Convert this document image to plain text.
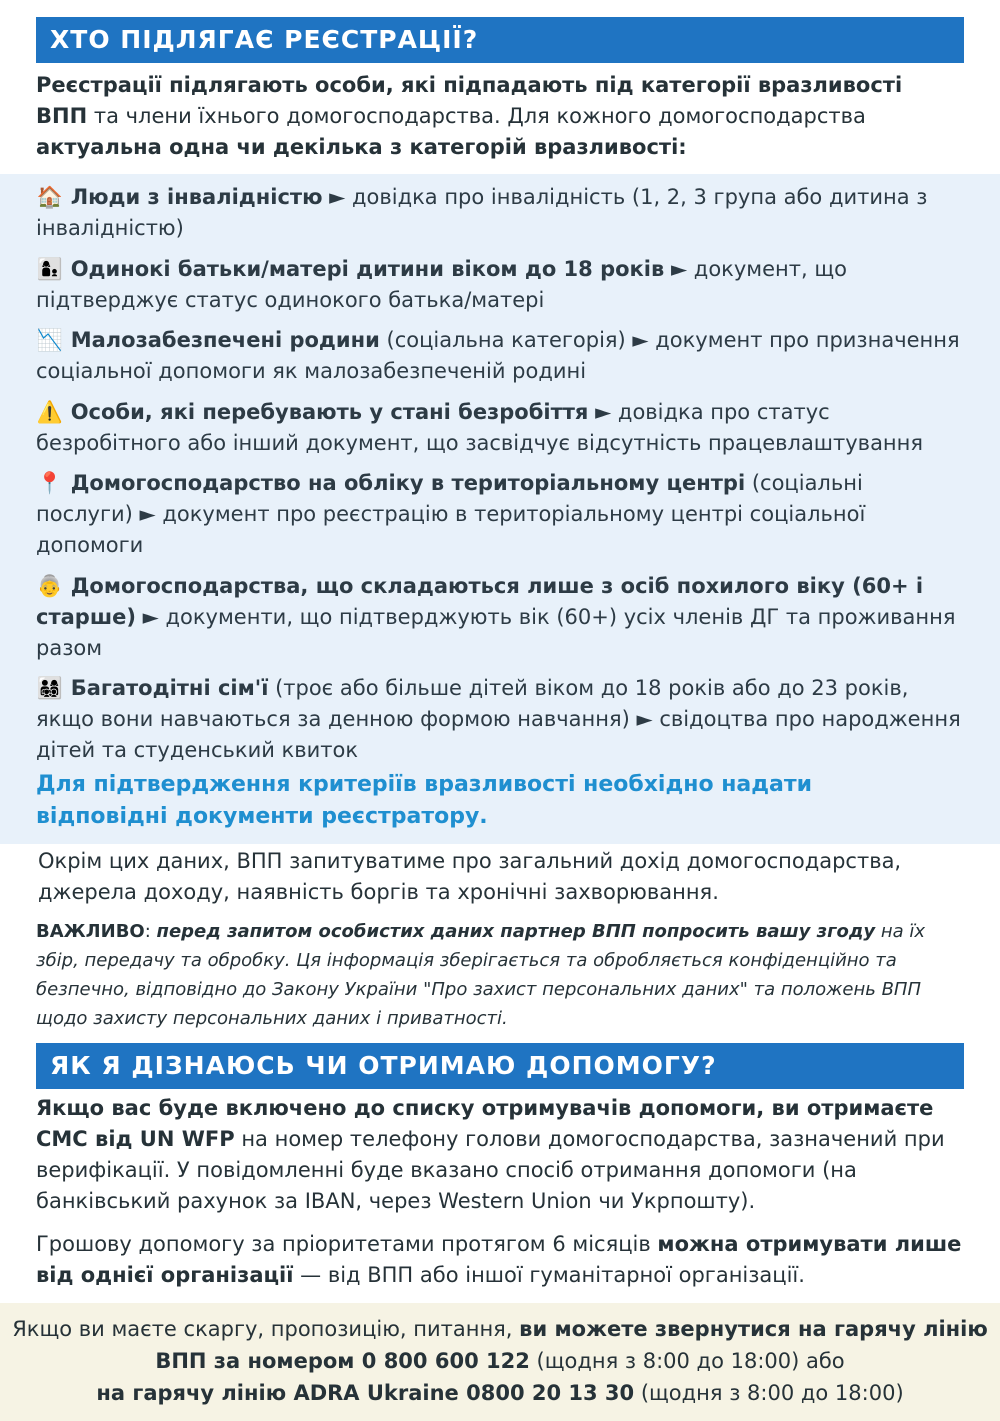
ХТО ПІДЛЯГАЄ РЕЄСТРАЦІЇ?
Реєстрації підлягають особи, які підпадають під категорії вразливості ВПП та члени їхнього домогосподарства. Для кожного домогосподарства актуальна одна чи декілька з категорій вразливості:
🏠 Люди з інвалідністю ► довідка про інвалідність (1, 2, 3 група або дитина з інвалідністю)
👩‍👦 Одинокі батьки/матері дитини віком до 18 років ► документ, що підтверджує статус одинокого батька/матері
📉 Малозабезпечені родини (соціальна категорія) ► документ про призначення соціальної допомоги як малозабезпеченій родині
⚠️ Особи, які перебувають у стані безробіття ► довідка про статус безробітного або інший документ, що засвідчує відсутність працевлаштування
📍 Домогосподарство на обліку в територіальному центрі (соціальні послуги) ► документ про реєстрацію в територіальному центрі соціальної допомоги
👵 Домогосподарства, що складаються лише з осіб похилого віку (60+ і старше) ► документи, що підтверджують вік (60+) усіх членів ДГ та проживання разом
👨‍👩‍👧‍👦 Багатодітні сім'ї (троє або більше дітей віком до 18 років або до 23 років, якщо вони навчаються за денною формою навчання) ► свідоцтва про народження дітей та студенський квиток
Для підтвердження критеріїв вразливості необхідно надати відповідні документи реєстратору.
Окрім цих даних, ВПП запитуватиме про загальний дохід домогосподарства, джерела доходу, наявність боргів та хронічні захворювання.
ВАЖЛИВО: перед запитом особистих даних партнер ВПП попросить вашу згоду на їх збір, передачу та обробку. Ця інформація зберігається та обробляється конфіденційно та безпечно, відповідно до Закону України "Про захист персональних даних" та положень ВПП щодо захисту персональних даних і приватності.
ЯК Я ДІЗНАЮСЬ ЧИ ОТРИМАЮ ДОПОМОГУ?
Якщо вас буде включено до списку отримувачів допомоги, ви отримаєте СМС від UN WFP на номер телефону голови домогосподарства, зазначений при верифікації. У повідомленні буде вказано спосіб отримання допомоги (на банківський рахунок за IBAN, через Western Union чи Укрпошту).
Грошову допомогу за пріоритетами протягом 6 місяців можна отримувати лише від однієї організації — від ВПП або іншої гуманітарної організації.
Якщо ви маєте скаргу, пропозицію, питання, ви можете звернутися на гарячу лінію ВПП за номером 0 800 600 122 (щодня з 8:00 до 18:00) або
на гарячу лінію ADRA Ukraine 0800 20 13 30 (щодня з 8:00 до 18:00)
